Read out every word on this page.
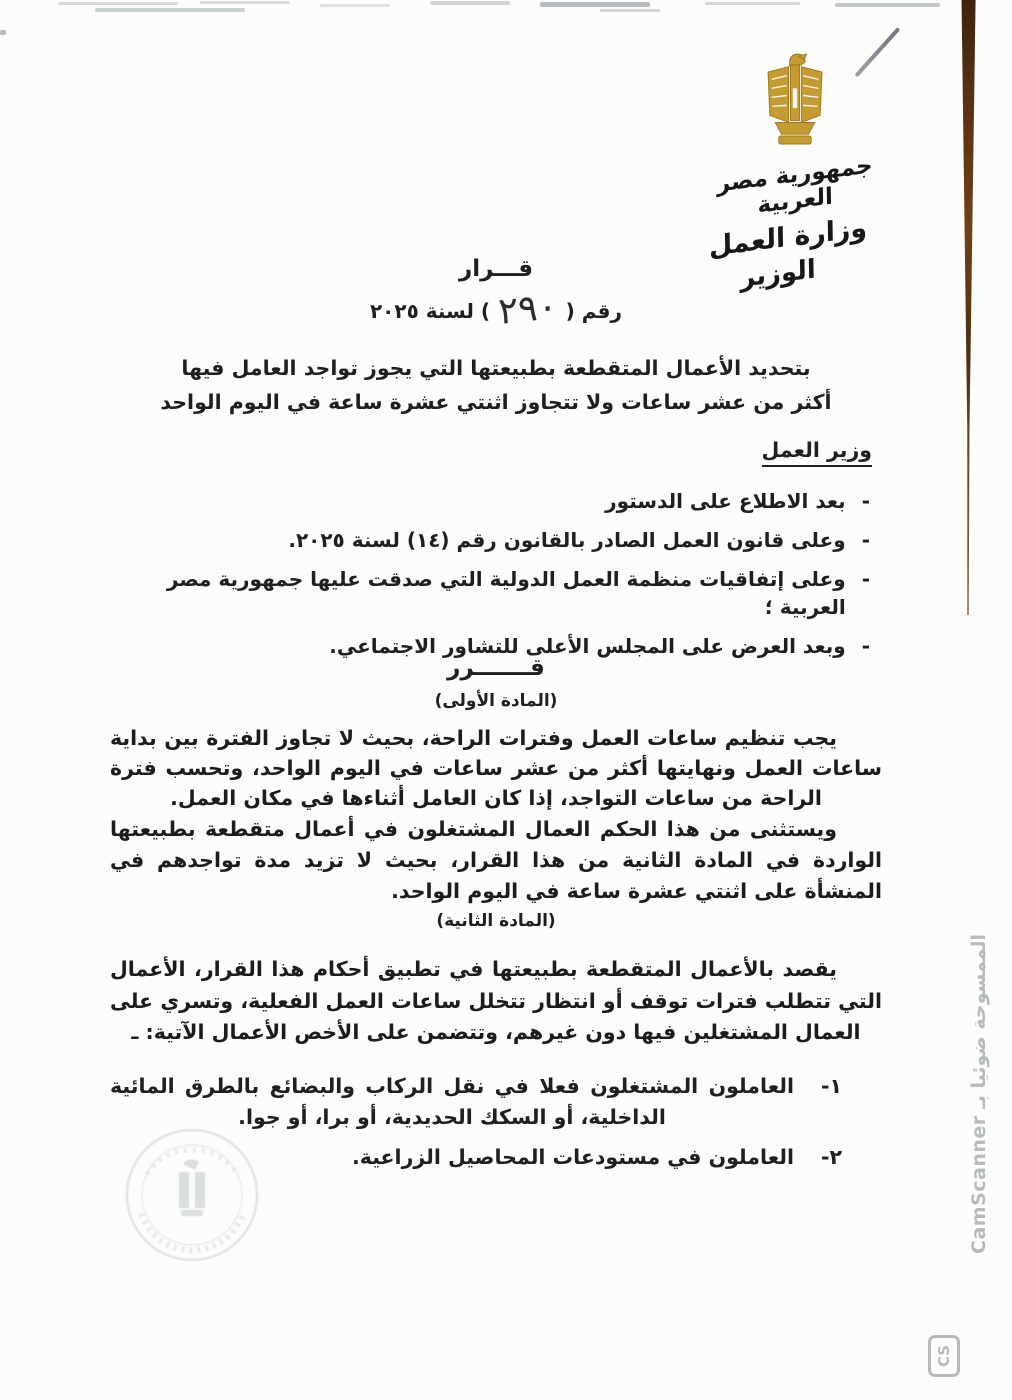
جمهورية مصر العربية
وزارة العمل
الوزير
قـــرار
رقم (٢٩٠) لسنة ٢٠٢٥
بتحديد الأعمال المتقطعة بطبيعتها التي يجوز تواجد العامل فيها
أكثر من عشر ساعات ولا تتجاوز اثنتي عشرة ساعة في اليوم الواحد
وزير العمل
-
بعد الاطلاع على الدستور
-
وعلى قانون العمل الصادر بالقانون رقم (١٤) لسنة ٢٠٢٥.
-
وعلى إتفاقيات منظمة العمل الدولية التي صدقت عليها جمهورية مصر العربية ؛
-
وبعد العرض على المجلس الأعلى للتشاور الاجتماعي.
قـــــــرر
(المادة الأولى)
يجب تنظيم ساعات العمل وفترات الراحة، بحيث لا تجاوز الفترة بين بداية ساعات العمل ونهايتها أكثر من عشر ساعات في اليوم الواحد، وتحسب فترة الراحة من ساعات التواجد، إذا كان العامل أثناءها في مكان العمل.
ويستثنى من هذا الحكم العمال المشتغلون في أعمال متقطعة بطبيعتها الواردة في المادة الثانية من هذا القرار، بحيث لا تزيد مدة تواجدهم في المنشأة على اثنتي عشرة ساعة في اليوم الواحد.
(المادة الثانية)
يقصد بالأعمال المتقطعة بطبيعتها في تطبيق أحكام هذا القرار، الأعمال التي تتطلب فترات توقف أو انتظار تتخلل ساعات العمل الفعلية، وتسري على العمال المشتغلين فيها دون غيرهم، وتتضمن على الأخص الأعمال الآتية: ـ
١-
العاملون المشتغلون فعلا في نقل الركاب والبضائع بالطرق المائية الداخلية، أو السكك الحديدية، أو برا، أو جوا.
٢-
العاملون في مستودعات المحاصيل الزراعية.	الممسوحة ضوئيا بـ CamScanner
CS
